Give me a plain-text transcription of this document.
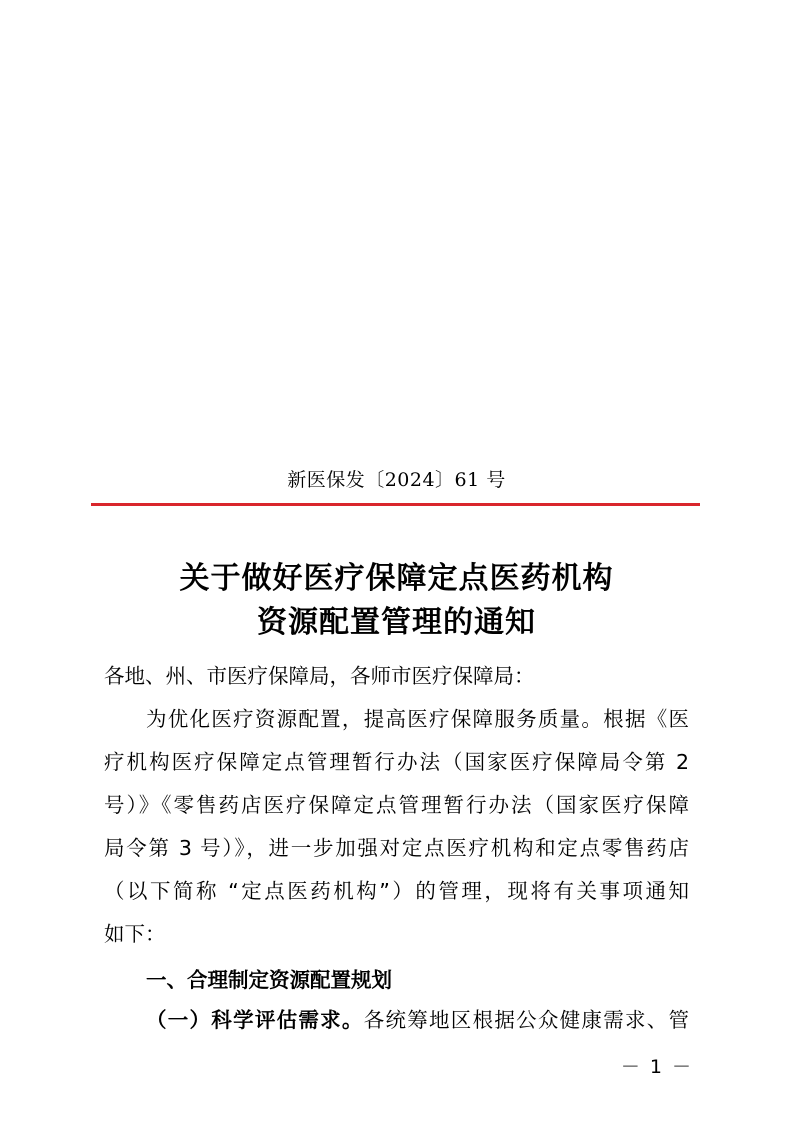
新医保发〔2024〕61 号
关于做好医疗保障定点医药机构
资源配置管理的通知
各地、州、市医疗保障局，各师市医疗保障局：
为优化医疗资源配置，提高医疗保障服务质量。根据《医
疗机构医疗保障定点管理暂行办法（国家医疗保障局令第 2
号）》《零售药店医疗保障定点管理暂行办法（国家医疗保障
局令第 3 号）》，进一步加强对定点医疗机构和定点零售药店
（以下简称 “定点医药机构”）的管理，现将有关事项通知
如下：
一、合理制定资源配置规划
（一）科学评估需求。各统筹地区根据公众健康需求、管
－ 1 －
